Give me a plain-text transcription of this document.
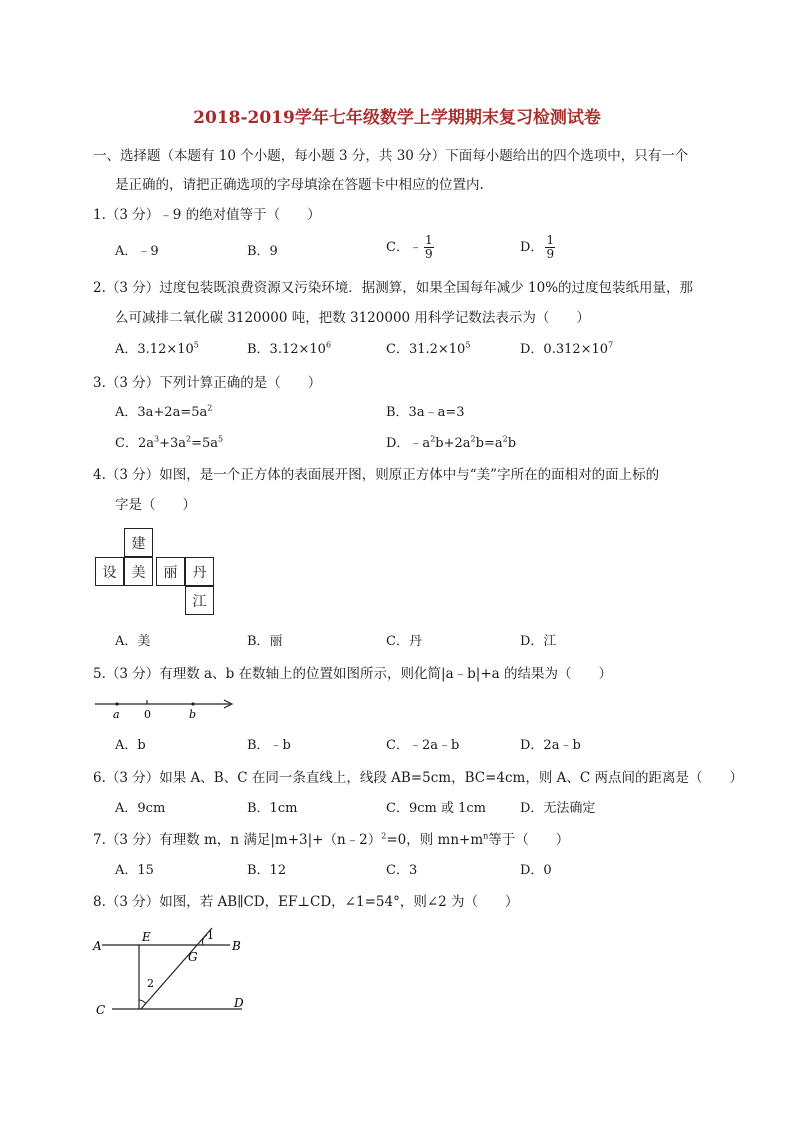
2018-2019学年七年级数学上学期期末复习检测试卷
一、选择题（本题有 10 个小题，每小题 3 分，共 30 分）下面每小题给出的四个选项中，只有一个
是正确的，请把正确选项的字母填涂在答题卡中相应的位置内.
1.（3 分）﹣9 的绝对值等于（　　）
A．﹣9	B．9	C．﹣ $\frac{1}{9}$	D． $\frac{1}{9}$
2.（3 分）过度包装既浪费资源又污染环境．据测算，如果全国每年减少 10%的过度包装纸用量，那
么可减排二氧化碳 3120000 吨，把数 3120000 用科学记数法表示为（　　）
A．$3.12\times 10^5$	B．$3.12\times 10^6$	C．$31.2\times 10^5$	D．$0.312\times 10^7$
3.（3 分）下列计算正确的是（　　）
A．$3a+2a=5a^2$	B．3a﹣a=3
C．$2a^3+3a^2=5a^5$	D．$﹣a^2b+2a^2b=a^2b$
4.（3 分）如图，是一个正方体的表面展开图，则原正方体中与“美”字所在的面相对的面上标的
字是（　　）
建
设	美	丽	丹
江
A．美	B．丽	C．丹	D．江
5.（3 分）有理数 a、b 在数轴上的位置如图所示，则化简|a﹣b|+a 的结果为（　　）
a 0	b
A．b	B．﹣b	C．﹣2a﹣b	D．2a﹣b
6.（3 分）如果 A、B、C 在同一条直线上，线段 AB=5cm，BC=4cm，则 A、C 两点间的距离是（　　）
A．9cm	B．1cm	C．9cm 或 1cm	D．无法确定
7.（3 分）有理数 m，n 满足|m+3|+（n﹣2）$^2$=0，则 $mn+m^n$等于（　　）
A．15	B．12	C．3	D．0
8.（3 分）如图，若 AB∥CD，EF⊥CD，∠1=54°，则∠2 为（　　）
A
E	1
B
G
2
C	D
